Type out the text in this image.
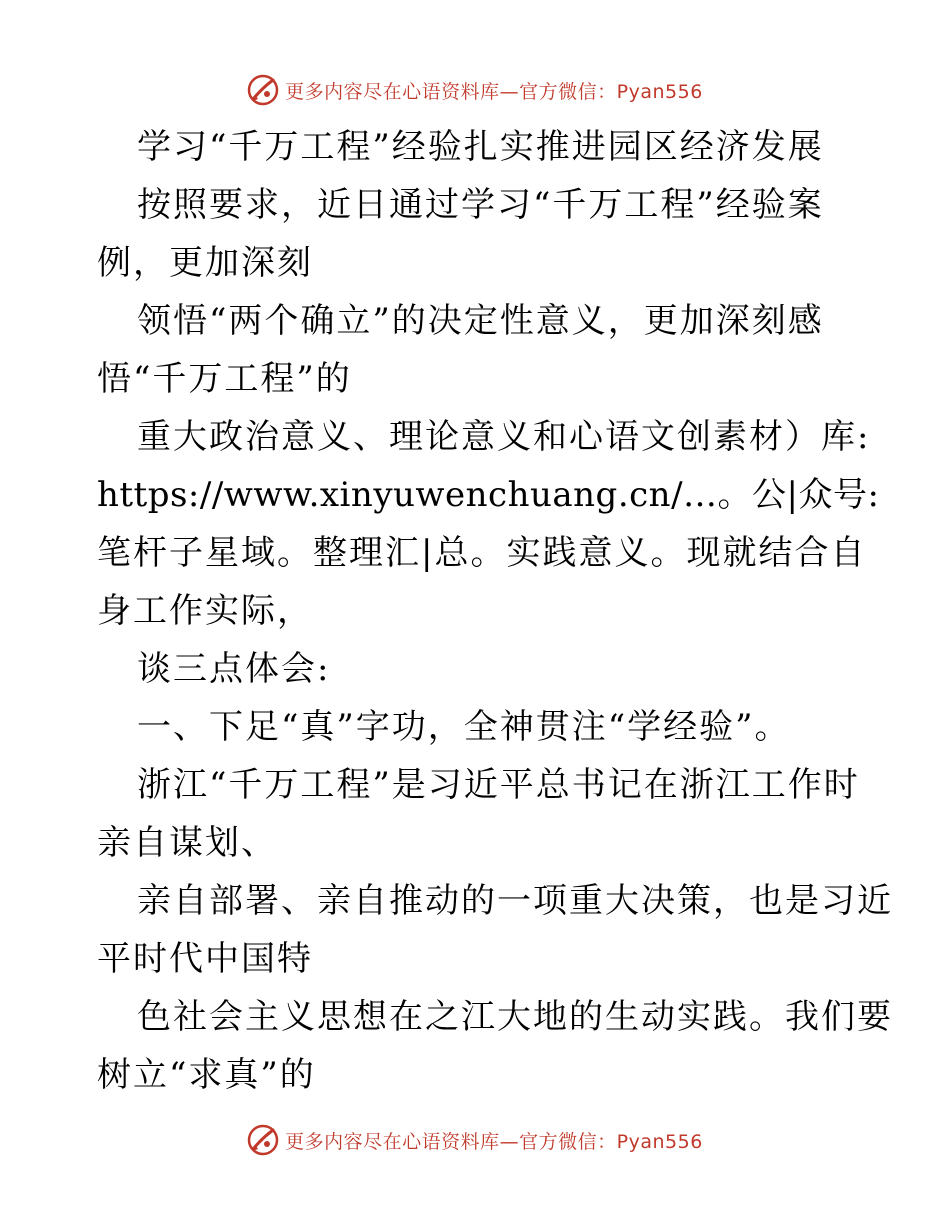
更多内容尽在心语资料库—官方微信：Pyan556
学习“千万工程”经验扎实推进园区经济发展
按照要求，近日通过学习“千万工程”经验案
例，更加深刻
领悟“两个确立”的决定性意义，更加深刻感
悟“千万工程”的
重大政治意义、理论意义和心语文创素材）库:
https://www.xinyuwenchuang.cn/…。公|众号:
笔杆子星域。整理汇|总。实践意义。现就结合自
身工作实际，
谈三点体会:
一、下足“真”字功，全神贯注“学经验”。
浙江“千万工程”是习近平总书记在浙江工作时
亲自谋划、
亲自部署、亲自推动的一项重大决策，也是习近
平时代中国特
色社会主义思想在之江大地的生动实践。我们要
树立“求真”的
更多内容尽在心语资料库—官方微信：Pyan556
